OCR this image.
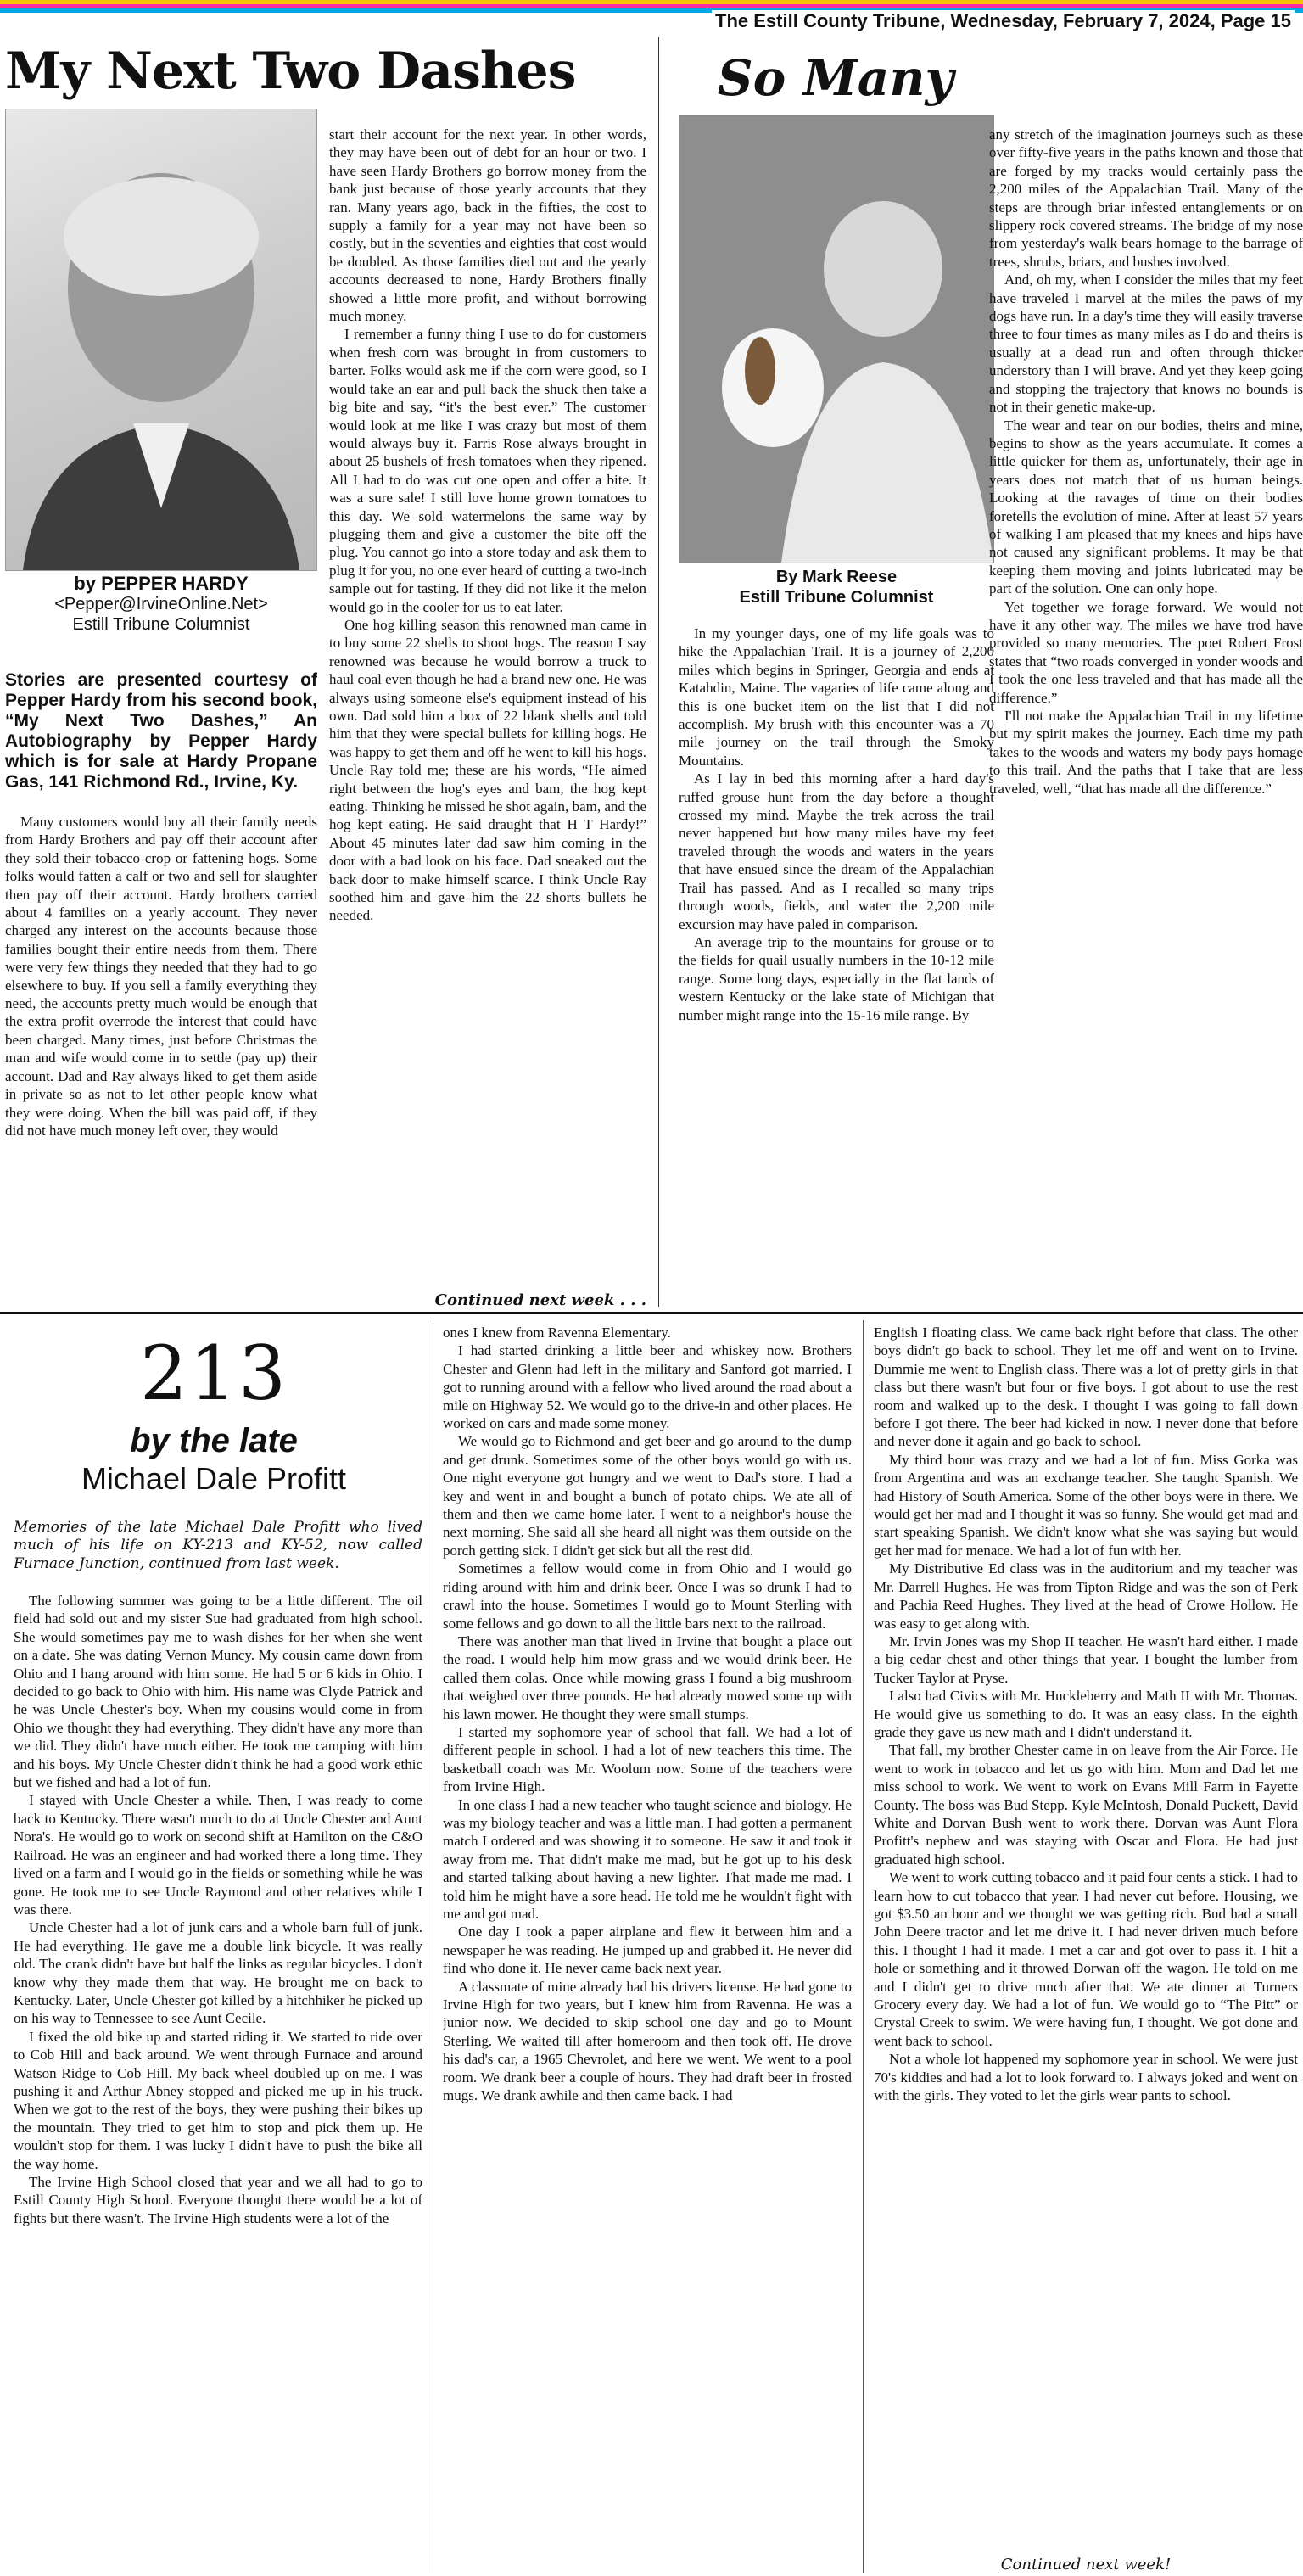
The Estill County Tribune, Wednesday, February 7, 2024, Page 15
My Next Two Dashes
by PEPPER HARDY
<Pepper@IrvineOnline.Net>
Estill Tribune Columnist
Stories are presented courtesy of Pepper Hardy from his second book, “My Next Two Dashes,” An Autobiography by Pepper Hardy which is for sale at Hardy Propane Gas, 141 Richmond Rd., Irvine, Ky.

Many customers would buy all their family needs from Hardy Brothers and pay off their account after they sold their tobacco crop or fattening hogs. Some folks would fatten a calf or two and sell for slaughter then pay off their account. Hardy brothers carried about 4 families on a yearly account. They never charged any interest on the accounts because those families bought their entire needs from them. There were very few things they needed that they had to go elsewhere to buy. If you sell a family everything they need, the accounts pretty much would be enough that the extra profit overrode the interest that could have been charged. Many times, just before Christmas the man and wife would come in to settle (pay up) their account. Dad and Ray always liked to get them aside in private so as not to let other people know what they were doing. When the bill was paid off, if they did not have much money left over, they would

start their account for the next year. In other words, they may have been out of debt for an hour or two. I have seen Hardy Brothers go borrow money from the bank just because of those yearly accounts that they ran. Many years ago, back in the fifties, the cost to supply a family for a year may not have been so costly, but in the seventies and eighties that cost would be doubled. As those families died out and the yearly accounts decreased to none, Hardy Brothers finally showed a little more profit, and without borrowing much money.

I remember a funny thing I use to do for customers when fresh corn was brought in from customers to barter. Folks would ask me if the corn were good, so I would take an ear and pull back the shuck then take a big bite and say, “it's the best ever.” The customer would look at me like I was crazy but most of them would always buy it. Farris Rose always brought in about 25 bushels of fresh tomatoes when they ripened. All I had to do was cut one open and offer a bite. It was a sure sale! I still love home grown tomatoes to this day. We sold watermelons the same way by plugging them and give a customer the bite off the plug. You cannot go into a store today and ask them to plug it for you, no one ever heard of cutting a two-inch sample out for tasting. If they did not like it the melon would go in the cooler for us to eat later.

One hog killing season this renowned man came in to buy some 22 shells to shoot hogs. The reason I say renowned was because he would borrow a truck to haul coal even though he had a brand new one. He was always using someone else's equipment instead of his own. Dad sold him a box of 22 blank shells and told him that they were special bullets for killing hogs. He was happy to get them and off he went to kill his hogs. Uncle Ray told me; these are his words, “He aimed right between the hog's eyes and bam, the hog kept eating. Thinking he missed he shot again, bam, and the hog kept eating. He said draught that H T Hardy!” About 45 minutes later dad saw him coming in the door with a bad look on his face. Dad sneaked out the back door to make himself scarce. I think Uncle Ray soothed him and gave him the 22 shorts bullets he needed.

Continued next week . . .
So Many
By Mark Reese
Estill Tribune Columnist

In my younger days, one of my life goals was to hike the Appalachian Trail. It is a journey of 2,200 miles which begins in Springer, Georgia and ends at Katahdin, Maine. The vagaries of life came along and this is one bucket item on the list that I did not accomplish. My brush with this encounter was a 70 mile journey on the trail through the Smoky Mountains.

As I lay in bed this morning after a hard day's ruffed grouse hunt from the day before a thought crossed my mind. Maybe the trek across the trail never happened but how many miles have my feet traveled through the woods and waters in the years that have ensued since the dream of the Appalachian Trail has passed. And as I recalled so many trips through woods, fields, and water the 2,200 mile excursion may have paled in comparison.

An average trip to the mountains for grouse or to the fields for quail usually numbers in the 10-12 mile range. Some long days, especially in the flat lands of western Kentucky or the lake state of Michigan that number might range into the 15-16 mile range. By

any stretch of the imagination journeys such as these over fifty-five years in the paths known and those that are forged by my tracks would certainly pass the 2,200 miles of the Appalachian Trail. Many of the steps are through briar infested entanglements or on slippery rock covered streams. The bridge of my nose from yesterday's walk bears homage to the barrage of trees, shrubs, briars, and bushes involved.

And, oh my, when I consider the miles that my feet have traveled I marvel at the miles the paws of my dogs have run. In a day's time they will easily traverse three to four times as many miles as I do and theirs is usually at a dead run and often through thicker understory than I will brave. And yet they keep going and stopping the trajectory that knows no bounds is not in their genetic make-up.

The wear and tear on our bodies, theirs and mine, begins to show as the years accumulate. It comes a little quicker for them as, unfortunately, their age in years does not match that of us human beings. Looking at the ravages of time on their bodies foretells the evolution of mine. After at least 57 years of walking I am pleased that my knees and hips have not caused any significant problems. It may be that keeping them moving and joints lubricated may be part of the solution. One can only hope.

Yet together we forage forward. We would not have it any other way. The miles we have trod have provided so many memories. The poet Robert Frost states that “two roads converged in yonder woods and I took the one less traveled and that has made all the difference.”

I'll not make the Appalachian Trail in my lifetime but my spirit makes the journey. Each time my path takes to the woods and waters my body pays homage to this trail. And the paths that I take that are less traveled, well, “that has made all the difference.”

213
by the late
Michael Dale Profitt
Memories of the late Michael Dale Profitt who lived much of his life on KY-213 and KY-52, now called Furnace Junction, continued from last week.

The following summer was going to be a little different. The oil field had sold out and my sister Sue had graduated from high school. She would sometimes pay me to wash dishes for her when she went on a date. She was dating Vernon Muncy. My cousin came down from Ohio and I hang around with him some. He had 5 or 6 kids in Ohio. I decided to go back to Ohio with him. His name was Clyde Patrick and he was Uncle Chester's boy. When my cousins would come in from Ohio we thought they had everything. They didn't have any more than we did. They didn't have much either. He took me camping with him and his boys. My Uncle Chester didn't think he had a good work ethic but we fished and had a lot of fun.

I stayed with Uncle Chester a while. Then, I was ready to come back to Kentucky. There wasn't much to do at Uncle Chester and Aunt Nora's. He would go to work on second shift at Hamilton on the C&O Railroad. He was an engineer and had worked there a long time. They lived on a farm and I would go in the fields or something while he was gone. He took me to see Uncle Raymond and other relatives while I was there.

Uncle Chester had a lot of junk cars and a whole barn full of junk. He had everything. He gave me a double link bicycle. It was really old. The crank didn't have but half the links as regular bicycles. I don't know why they made them that way. He brought me on back to Kentucky. Later, Uncle Chester got killed by a hitchhiker he picked up on his way to Tennessee to see Aunt Cecile.

I fixed the old bike up and started riding it. We started to ride over to Cob Hill and back around. We went through Furnace and around Watson Ridge to Cob Hill. My back wheel doubled up on me. I was pushing it and Arthur Abney stopped and picked me up in his truck. When we got to the rest of the boys, they were pushing their bikes up the mountain. They tried to get him to stop and pick them up. He wouldn't stop for them. I was lucky I didn't have to push the bike all the way home.

The Irvine High School closed that year and we all had to go to Estill County High School. Everyone thought there would be a lot of fights but there wasn't. The Irvine High students were a lot of the

ones I knew from Ravenna Elementary.

I had started drinking a little beer and whiskey now. Brothers Chester and Glenn had left in the military and Sanford got married. I got to running around with a fellow who lived around the road about a mile on Highway 52. We would go to the drive-in and other places. He worked on cars and made some money.

We would go to Richmond and get beer and go around to the dump and get drunk. Sometimes some of the other boys would go with us. One night everyone got hungry and we went to Dad's store. I had a key and went in and bought a bunch of potato chips. We ate all of them and then we came home later. I went to a neighbor's house the next morning. She said all she heard all night was them outside on the porch getting sick. I didn't get sick but all the rest did.

Sometimes a fellow would come in from Ohio and I would go riding around with him and drink beer. Once I was so drunk I had to crawl into the house. Sometimes I would go to Mount Sterling with some fellows and go down to all the little bars next to the railroad.

There was another man that lived in Irvine that bought a place out the road. I would help him mow grass and we would drink beer. He called them colas. Once while mowing grass I found a big mushroom that weighed over three pounds. He had already mowed some up with his lawn mower. He thought they were small stumps.

I started my sophomore year of school that fall. We had a lot of different people in school. I had a lot of new teachers this time. The basketball coach was Mr. Woolum now. Some of the teachers were from Irvine High.

In one class I had a new teacher who taught science and biology. He was my biology teacher and was a little man. I had gotten a permanent match I ordered and was showing it to someone. He saw it and took it away from me. That didn't make me mad, but he got up to his desk and started talking about having a new lighter. That made me mad. I told him he might have a sore head. He told me he wouldn't fight with me and got mad.

One day I took a paper airplane and flew it between him and a newspaper he was reading. He jumped up and grabbed it. He never did find who done it. He never came back next year.

A classmate of mine already had his drivers license. He had gone to Irvine High for two years, but I knew him from Ravenna. He was a junior now. We decided to skip school one day and go to Mount Sterling. We waited till after homeroom and then took off. He drove his dad's car, a 1965 Chevrolet, and here we went. We went to a pool room. We drank beer a couple of hours. They had draft beer in frosted mugs. We drank awhile and then came back. I had

English I floating class. We came back right before that class. The other boys didn't go back to school. They let me off and went on to Irvine. Dummie me went to English class. There was a lot of pretty girls in that class but there wasn't but four or five boys. I got about to use the rest room and walked up to the desk. I thought I was going to fall down before I got there. The beer had kicked in now. I never done that before and never done it again and go back to school.

My third hour was crazy and we had a lot of fun. Miss Gorka was from Argentina and was an exchange teacher. She taught Spanish. We had History of South America. Some of the other boys were in there. We would get her mad and I thought it was so funny. She would get mad and start speaking Spanish. We didn't know what she was saying but would get her mad for menace. We had a lot of fun with her.

My Distributive Ed class was in the auditorium and my teacher was Mr. Darrell Hughes. He was from Tipton Ridge and was the son of Perk and Pachia Reed Hughes. They lived at the head of Crowe Hollow. He was easy to get along with.

Mr. Irvin Jones was my Shop II teacher. He wasn't hard either. I made a big cedar chest and other things that year. I bought the lumber from Tucker Taylor at Pryse.

I also had Civics with Mr. Huckleberry and Math II with Mr. Thomas. He would give us something to do. It was an easy class. In the eighth grade they gave us new math and I didn't understand it.

That fall, my brother Chester came in on leave from the Air Force. He went to work in tobacco and let us go with him. Mom and Dad let me miss school to work. We went to work on Evans Mill Farm in Fayette County. The boss was Bud Stepp. Kyle McIntosh, Donald Puckett, David White and Dorvan Bush went to work there. Dorvan was Aunt Flora Profitt's nephew and was staying with Oscar and Flora. He had just graduated high school.

We went to work cutting tobacco and it paid four cents a stick. I had to learn how to cut tobacco that year. I had never cut before. Housing, we got $3.50 an hour and we thought we was getting rich. Bud had a small John Deere tractor and let me drive it. I had never driven much before this. I thought I had it made. I met a car and got over to pass it. I hit a hole or something and it throwed Dorwan off the wagon. He told on me and I didn't get to drive much after that. We ate dinner at Turners Grocery every day. We had a lot of fun. We would go to “The Pitt” or Crystal Creek to swim. We were having fun, I thought. We got done and went back to school.

Not a whole lot happened my sophomore year in school. We were just 70's kiddies and had a lot to look forward to. I always joked and went on with the girls. They voted to let the girls wear pants to school.

Continued next week!
